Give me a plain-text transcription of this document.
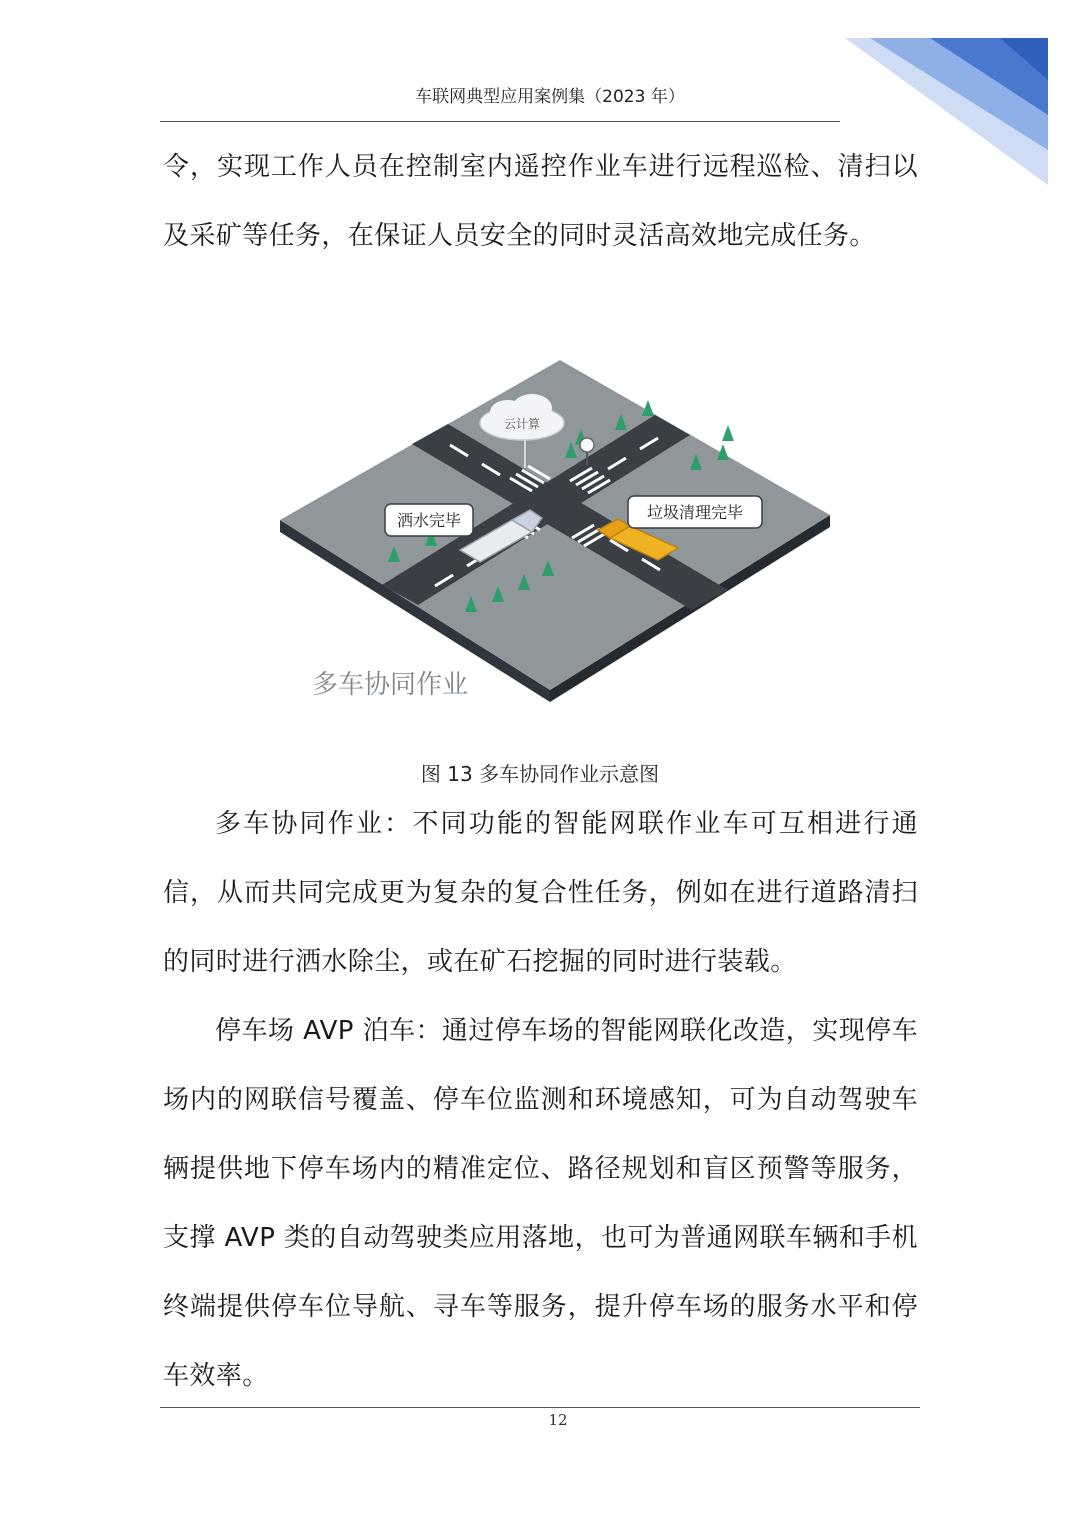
车联网典型应用案例集（2023 年）

令，实现工作人员在控制室内遥控作业车进行远程巡检、清扫以及采矿等任务，在保证人员安全的同时灵活高效地完成任务。

云计算
洒水完毕	垃圾清理完毕
多车协同作业
图 13 多车协同作业示意图

多车协同作业：不同功能的智能网联作业车可互相进行通信，从而共同完成更为复杂的复合性任务，例如在进行道路清扫的同时进行洒水除尘，或在矿石挖掘的同时进行装载。

停车场 AVP 泊车：通过停车场的智能网联化改造，实现停车场内的网联信号覆盖、停车位监测和环境感知，可为自动驾驶车辆提供地下停车场内的精准定位、路径规划和盲区预警等服务，支撑 AVP 类的自动驾驶类应用落地，也可为普通网联车辆和手机终端提供停车位导航、寻车等服务，提升停车场的服务水平和停车效率。

12
